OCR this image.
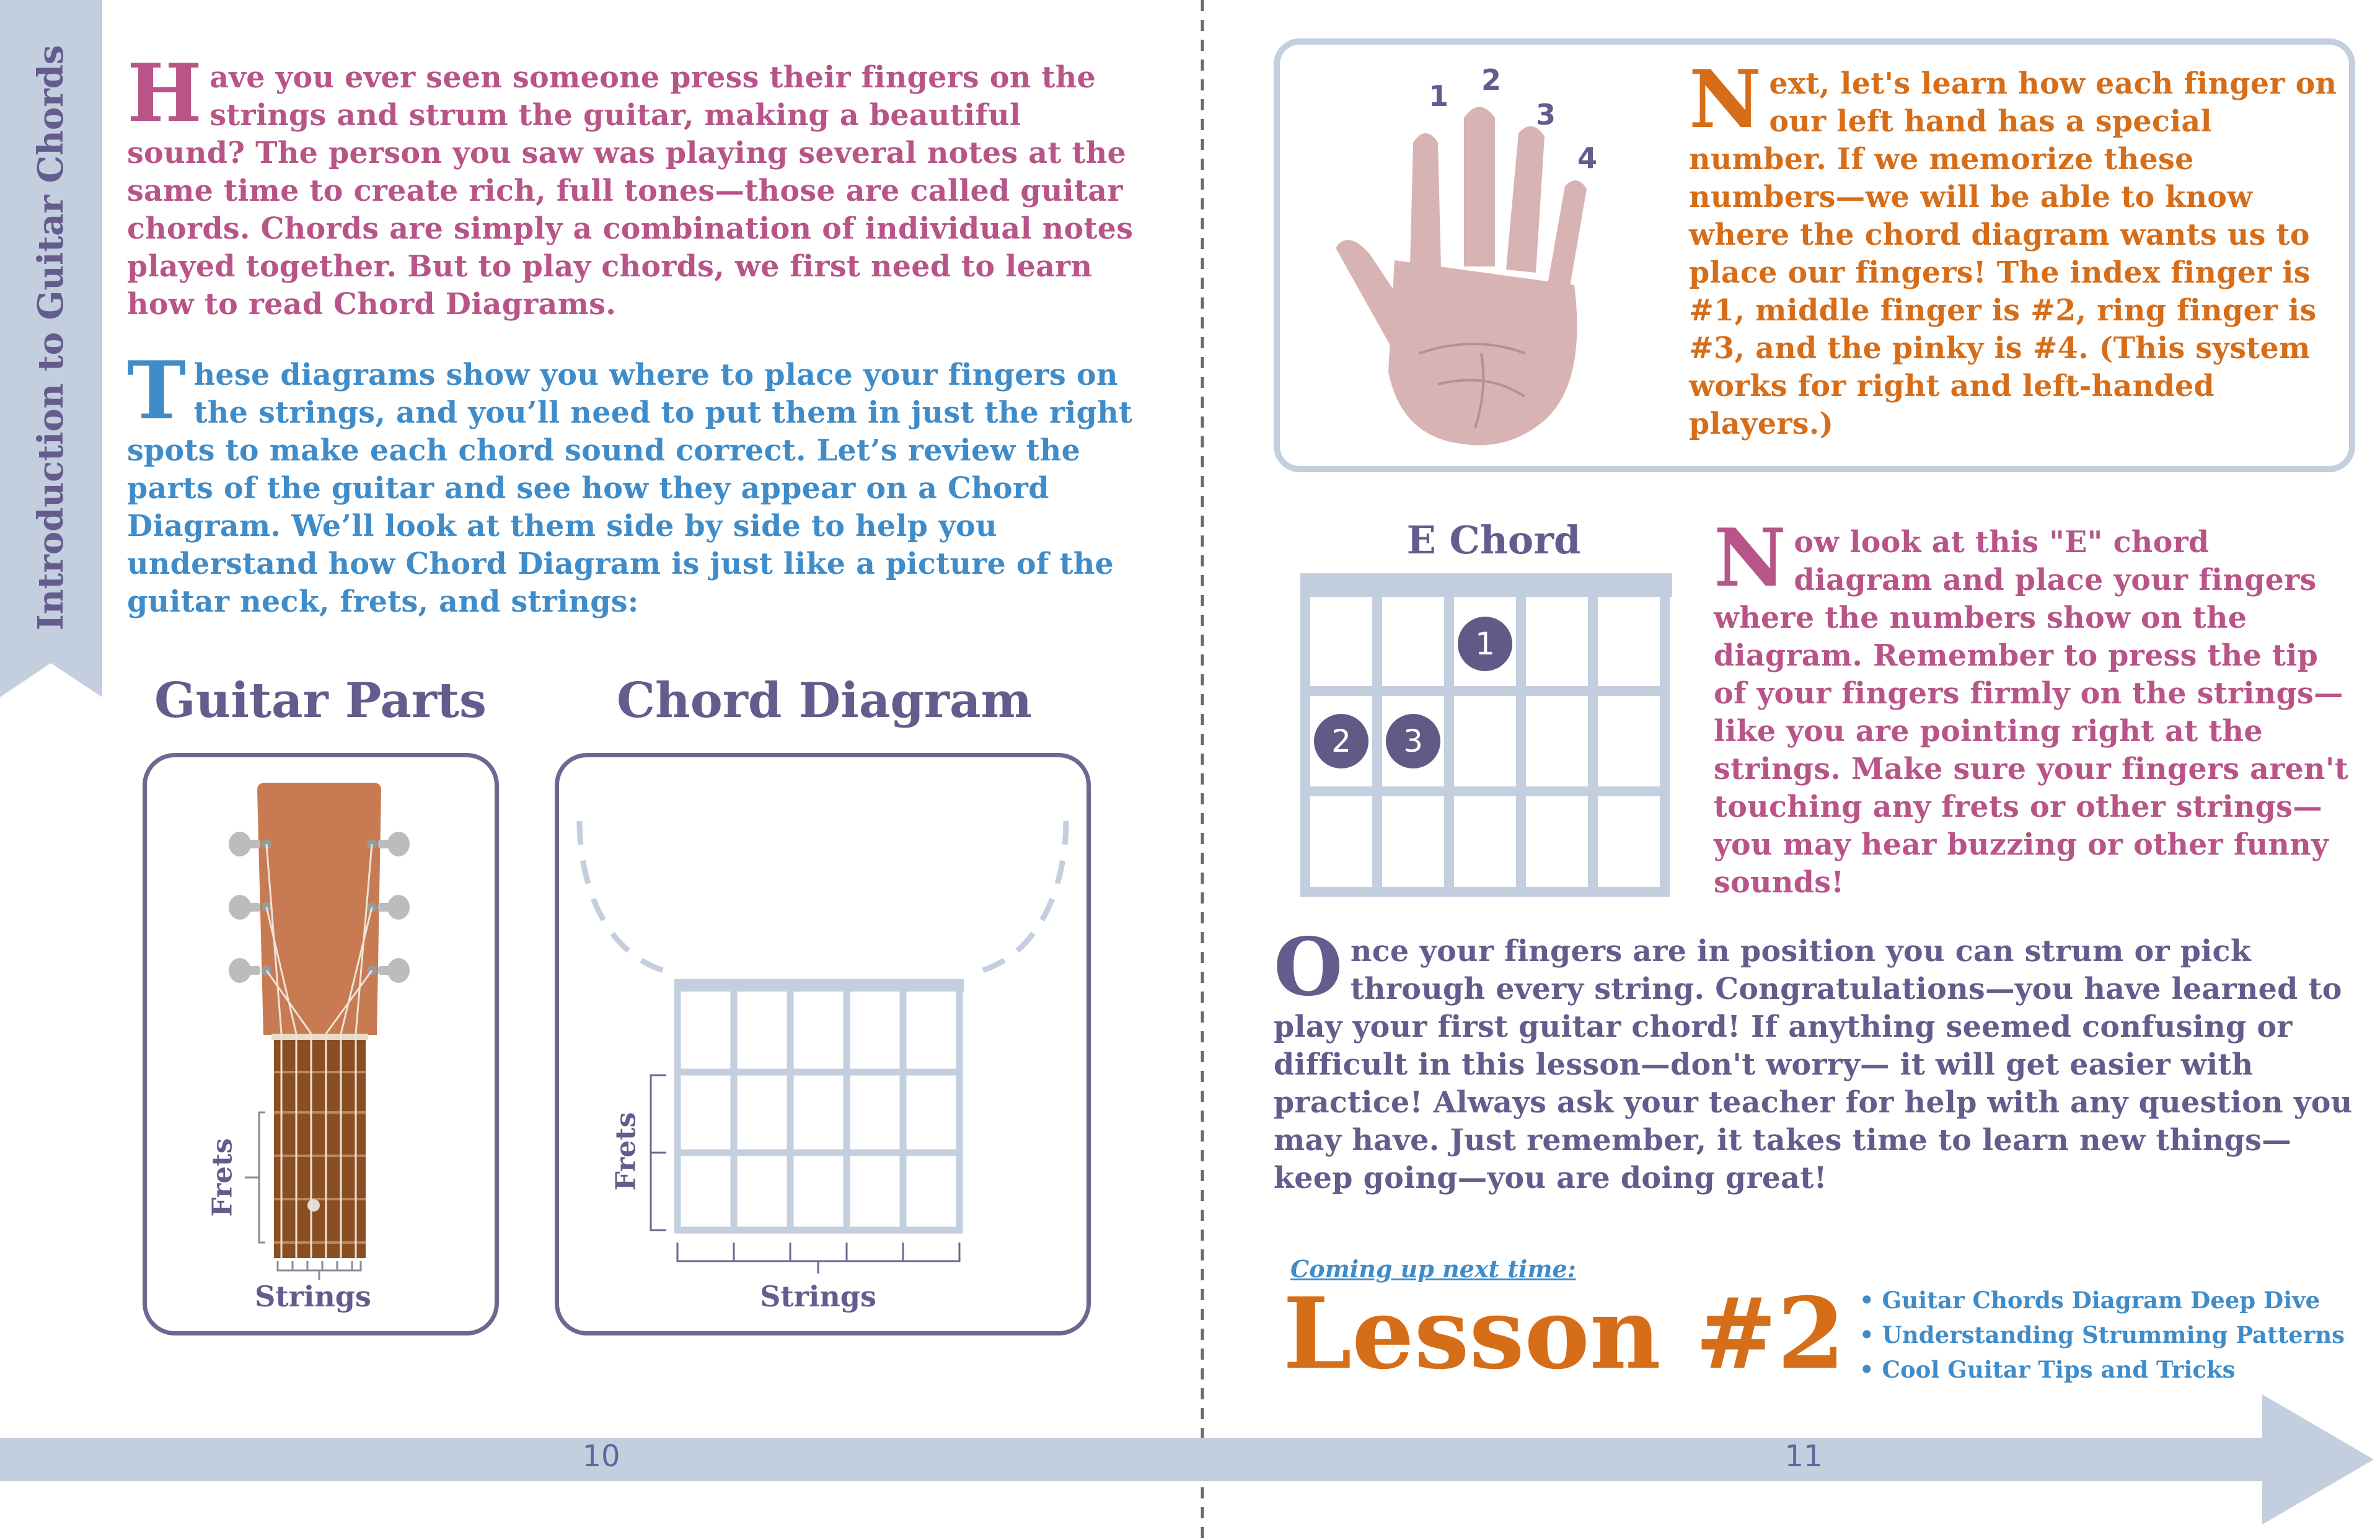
Introduction to Guitar Chords Have you ever seen someone press their fingers on the strings and strum the guitar, making a beautiful sound? The person you saw was playing several notes at the same time to create rich, full tones—those are called guitar chords. Chords are simply a combination of individual notes played together. But to play chords, we first need to learn how to read Chord Diagrams.
These diagrams show you where to place your fingers on the strings, and you’ll need to put them in just the right spots to make each chord sound correct. Let’s review the parts of the guitar and see how they appear on a Chord Diagram. We’ll look at them side by side to help you understand how Chord Diagram is just like a picture of the guitar neck, frets, and strings:
Guitar Parts
Frets
Strings
Chord Diagram
Frets
Strings
1 2
3
4
Next, let's learn how each finger on our left hand has a special number. If we memorize these numbers—we will be able to know where the chord diagram wants us to place our fingers! The index finger is #1, middle finger is #2, ring finger is #3, and the pinky is #4. (This system works for right and left-handed players.)
E Chord
1
2 3
Now look at this "E" chord diagram and place your fingers where the numbers show on the diagram. Remember to press the tip of your fingers firmly on the strings—like you are pointing right at the strings. Make sure your fingers aren't touching any frets or other strings— you may hear buzzing or other funny sounds!
Once your fingers are in position you can strum or pick through every string. Congratulations—you have learned to play your first guitar chord! If anything seemed confusing or difficult in this lesson—don't worry— it will get easier with practice! Always ask your teacher for help with any question you may have. Just remember, it takes time to learn new things—keep going—you are doing great!
Coming up next time:
Lesson #2
•	Guitar Chords Diagram Deep Dive
• Understanding Strumming Patterns
• Cool Guitar Tips and Tricks
10	11
